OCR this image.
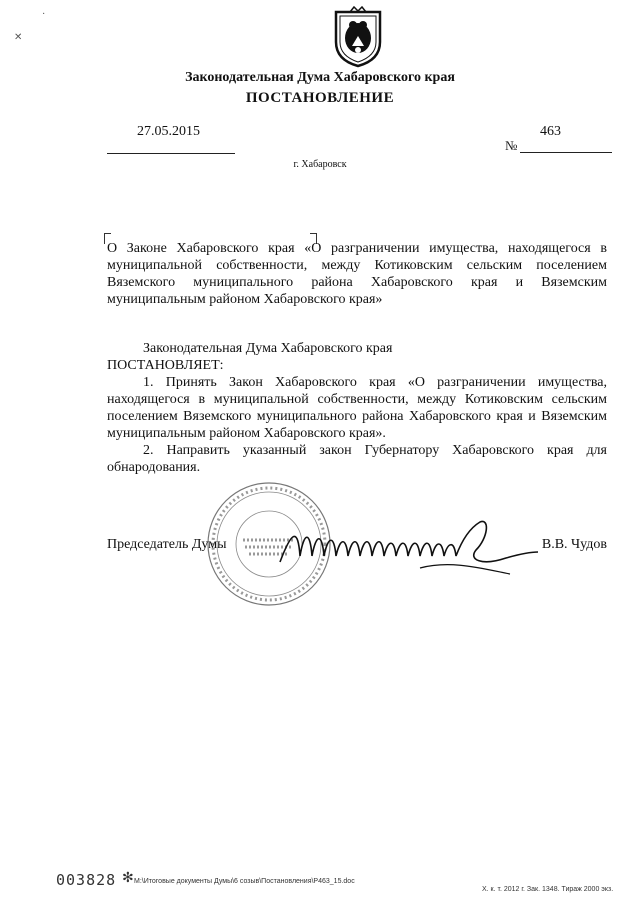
·
✕
Законодательная Дума Хабаровского края
ПОСТАНОВЛЕНИЕ
27.05.2015	463
№
г. Хабаровск
О Законе Хабаровского края «О разграничении имущества, находящегося в муниципальной собственности, между Котиковским сельским поселением Вяземского муниципального района Хабаровского края и Вяземским муниципальным районом Хабаровского края»

Законодательная Дума Хабаровского края

ПОСТАНОВЛЯЕТ:

1. Принять Закон Хабаровского края «О разграничении имущества, находящегося в муниципальной собственности, между Котиковским сельским поселением Вяземского муниципального района Хабаровского края и Вяземским муниципальным районом Хабаровского края».

2. Направить указанный закон Губернатору Хабаровского края для обнародования.

Председатель Думы	В.В. Чудов
003828 ✻ M:\Итоговые документы Думы\6 созыв\Постановления\P463_15.doc
Х. к. т. 2012 г. Зак. 1348. Тираж 2000 экз.
